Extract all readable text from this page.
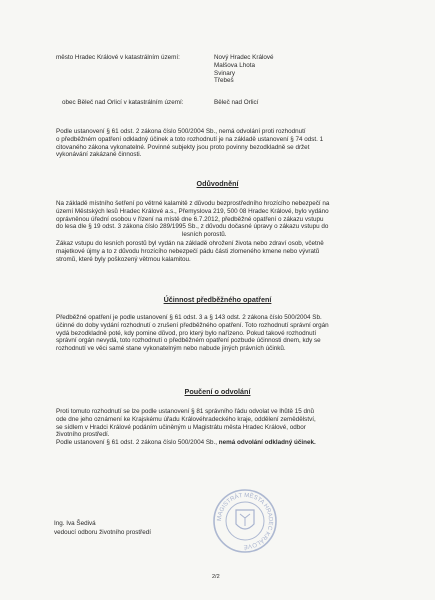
město Hradec Králové v katastrálním území:	Nový Hradec Králové
Malšova Lhota
Svinary
Třebeš
obec Běleč nad Orlicí v katastrálním území:	Běleč nad Orlicí
Podle ustanovení § 61 odst. 2 zákona číslo 500/2004 Sb., nemá odvolání proti rozhodnutí
o předběžném opatření odkladný účinek a toto rozhodnutí je na základě ustanovení § 74 odst. 1
citovaného zákona vykonatelné. Povinné subjekty jsou proto povinny bezodkladně se držet
vykonávání zakázané činnosti.
Odůvodnění
Na základě místního šetření po větrné kalamitě z důvodu bezprostředního hrozícího nebezpečí na
území Městských lesů Hradec Králové a.s., Přemyslova 219, 500 08 Hradec Králové, bylo vydáno
oprávněnou úřední osobou v řízení na místě dne 6.7.2012, předběžné opatření o zákazu vstupu
do lesa dle § 19 odst. 3 zákona číslo 289/1995 Sb., z důvodu dočasné úpravy o zákazu vstupu do
lesních porostů.
Zákaz vstupu do lesních porostů byl vydán na základě ohrožení života nebo zdraví osob, včetně
majetkové újmy a to z důvodu hrozícího nebezpečí pádu části zlomeného kmene nebo vývratů
stromů, které byly poškozený větrnou kalamitou.
Účinnost předběžného opatření
Předběžné opatření je podle ustanovení § 61 odst. 3 a § 143 odst. 2 zákona číslo 500/2004 Sb.
účinné do doby vydání rozhodnutí o zrušení předběžného opatření. Toto rozhodnutí správní orgán
vydá bezodkladně poté, kdy pomine důvod, pro který bylo nařízeno. Pokud takové rozhodnutí
správní orgán nevydá, toto rozhodnutí o předběžném opatření pozbude účinnosti dnem, kdy se
rozhodnutí ve věci samé stane vykonatelným nebo nabude jiných právních účinků.
Poučení o odvolání
Proti tomuto rozhodnutí se lze podle ustanovení § 81 správního řádu odvolat ve lhůtě 15 dnů
ode dne jeho oznámení ke Krajskému úřadu Královéhradeckého kraje, oddělení zemědělství,
se sídlem v Hradci Králové podáním učiněným u Magistrátu města Hradec Králové, odbor
životního prostředí.
Podle ustanovení § 61 odst. 2 zákona číslo 500/2004 Sb., nemá odvolání odkladný účinek.
MAGISTRÁT MĚSTA HRADEC KRÁLOVÉ
Ing. Iva Šedivá
vedoucí odboru životního prostředí
2/2
